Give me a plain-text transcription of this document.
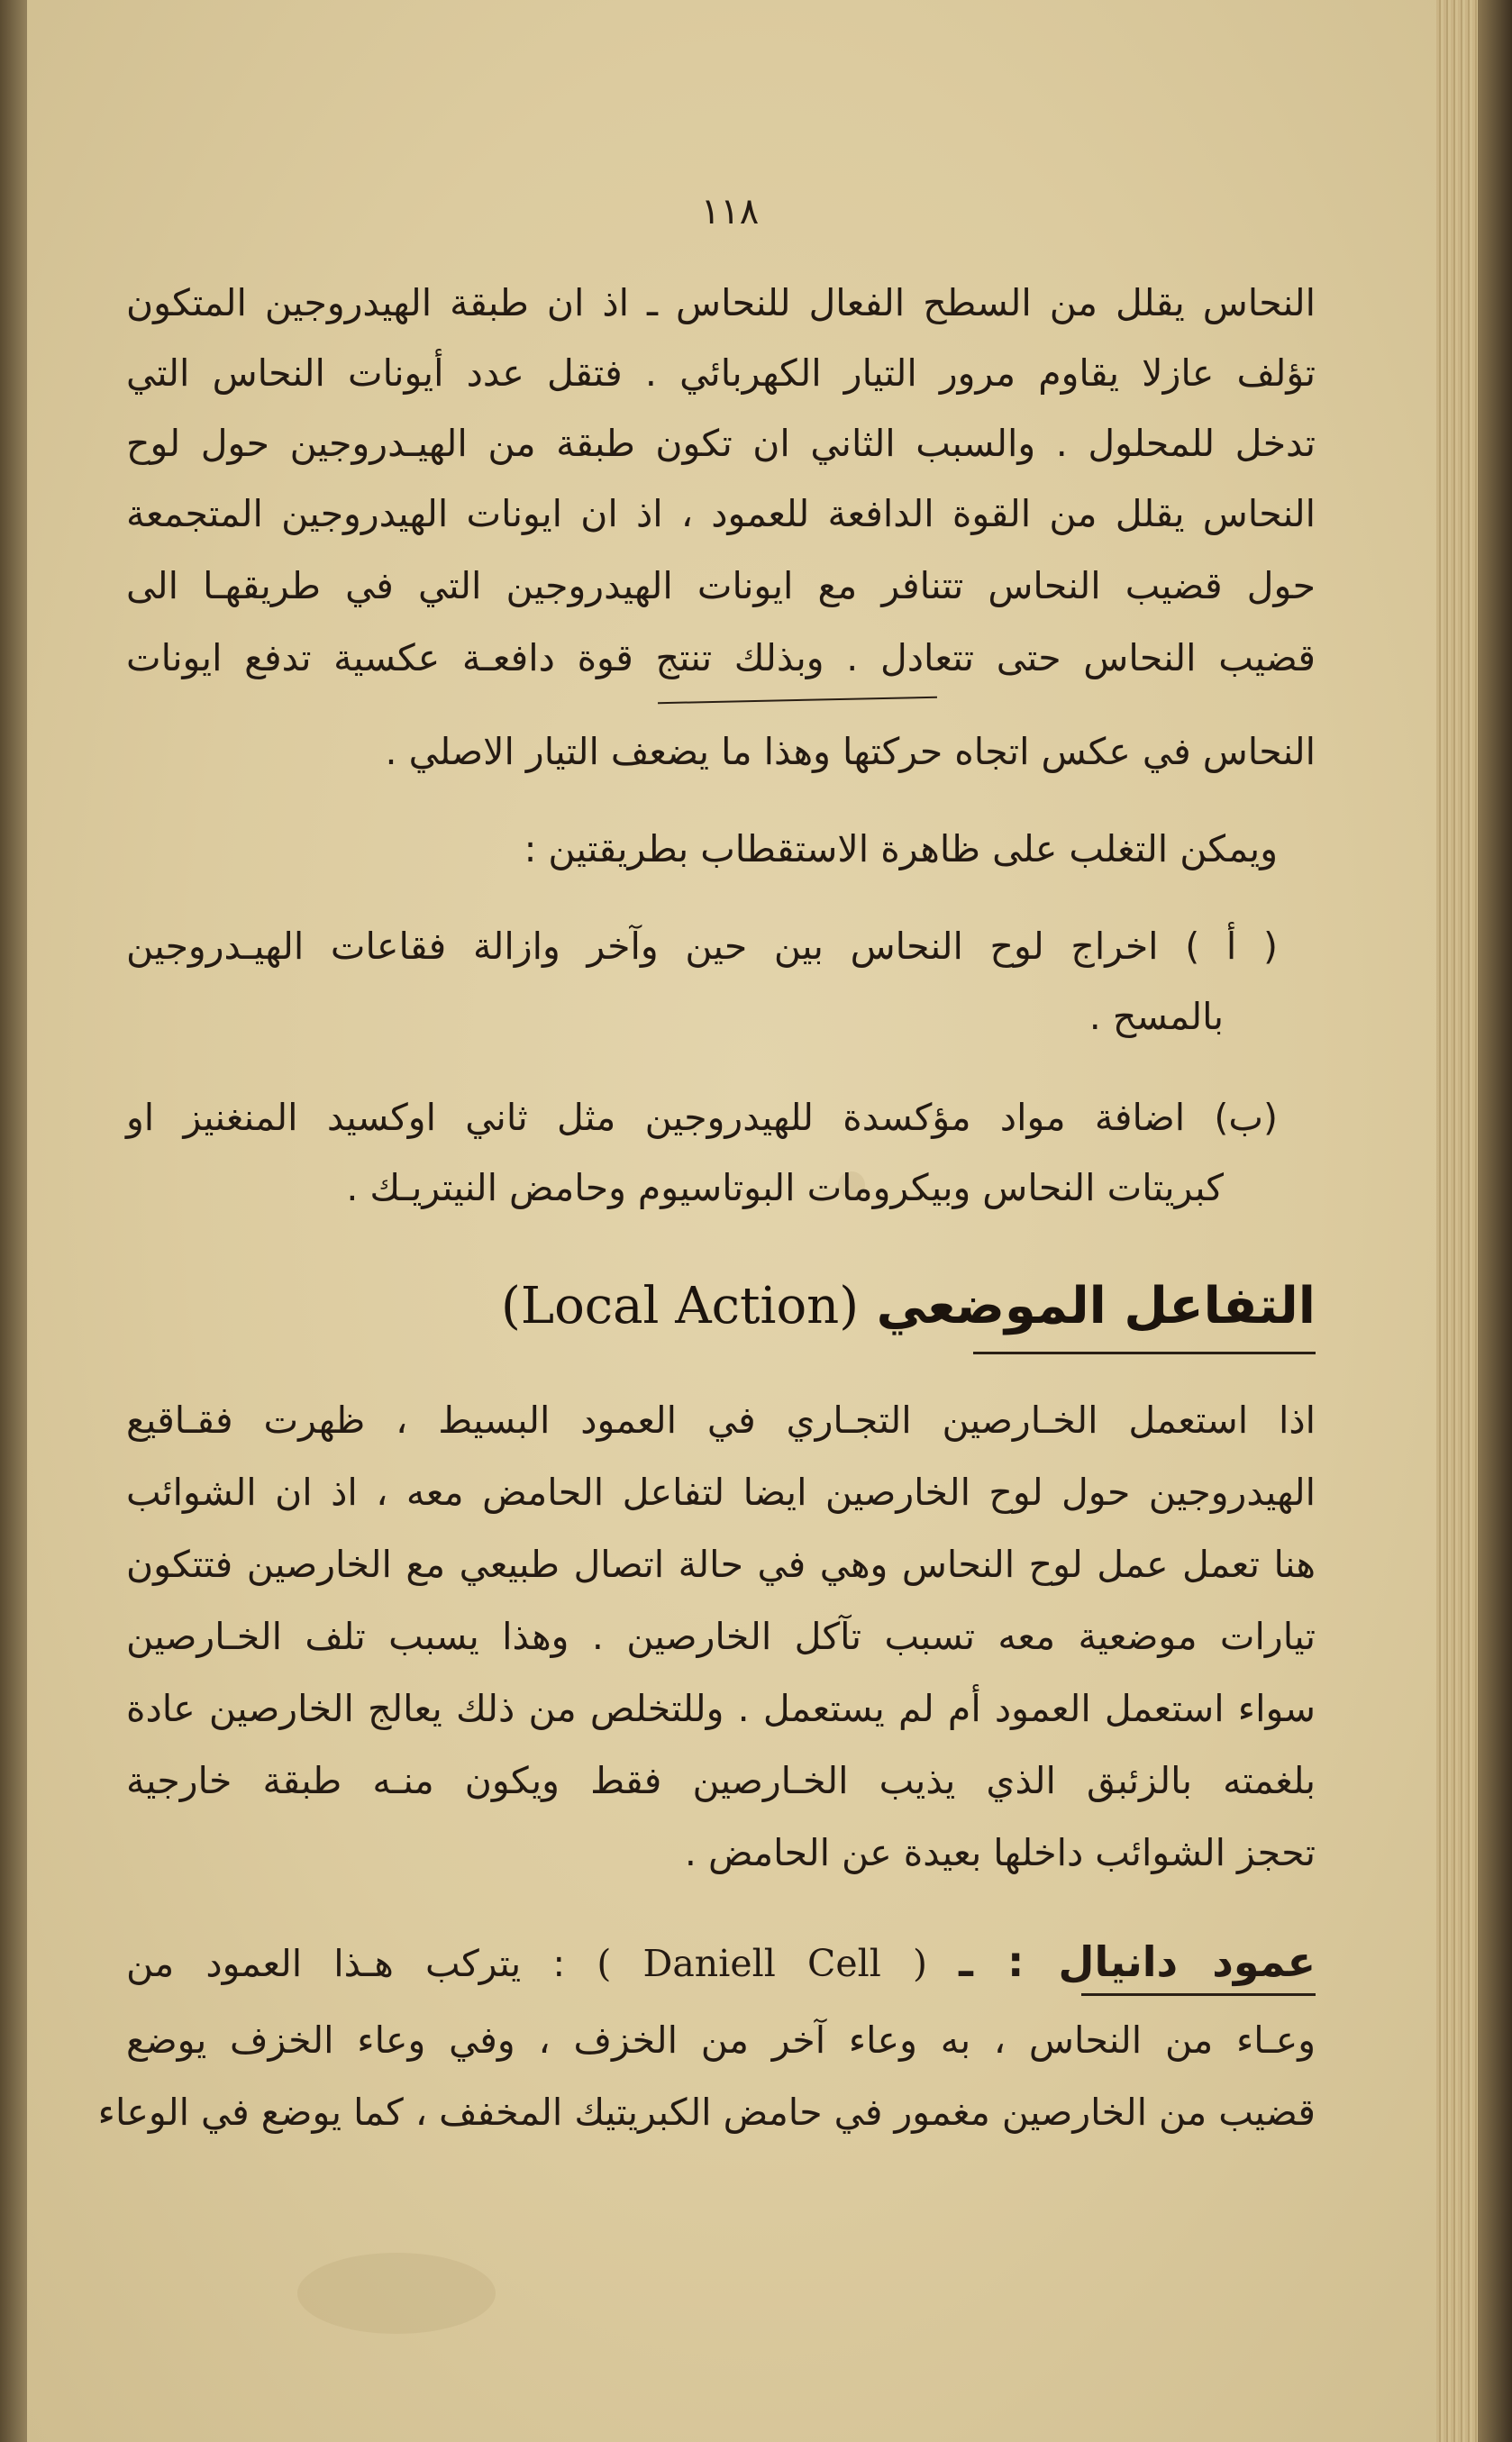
١١٨
النحاس يقلل من السطح الفعال للنحاس ـ اذ ان طبقة الهيدروجين المتكون
تؤلف عازلا يقاوم مرور التيار الكهربائي . فتقل عدد أيونات النحاس التي
تدخل للمحلول . والسبب الثاني ان تكون طبقة من الهيـدروجين حول لوح
النحاس يقلل من القوة الدافعة للعمود ، اذ ان ايونات الهيدروجين المتجمعة
حول قضيب النحاس تتنافر مع ايونات الهيدروجين التي في طريقهـا الى
قضيب النحاس حتى تتعادل . وبذلك تنتج قوة دافعـة عكسية تدفع ايونات
النحاس في عكس اتجاه حركتها وهذا ما يضعف التيار الاصلي .
ويمكن التغلب على ظاهرة الاستقطاب بطريقتين :
( أ ) اخراج لوح النحاس بين حين وآخر وازالة فقاعات الهيـدروجين
بالمسح .
(ب) اضافة مواد مؤكسدة للهيدروجين مثل ثاني اوكسيد المنغنيز او
كبريتات النحاس وبيكرومات البوتاسيوم وحامض النيتريـك .
التفاعل الموضعي (Local Action)
اذا استعمل الخـارصين التجـاري في العمود البسيط ، ظهرت فقـاقيع
الهيدروجين حول لوح الخارصين ايضا لتفاعل الحامض معه ، اذ ان الشوائب
هنا تعمل عمل لوح النحاس وهي في حالة اتصال طبيعي مع الخارصين فتتكون
تيارات موضعية معه تسبب تآكل الخارصين . وهذا يسبب تلف الخـارصين
سواء استعمل العمود أم لم يستعمل . وللتخلص من ذلك يعالج الخارصين عادة
بلغمته بالزئبق الذي يذيب الخـارصين فقط ويكون منـه طبقة خارجية
تحجز الشوائب داخلها بعيدة عن الحامض .
عمود دانيال : ـ ( Daniell Cell ) : يتركب هـذا العمود من
وعـاء من النحاس ، به وعاء آخر من الخزف ، وفي وعاء الخزف يوضع
قضيب من الخارصين مغمور في حامض الكبريتيك المخفف ، كما يوضع في الوعاء
